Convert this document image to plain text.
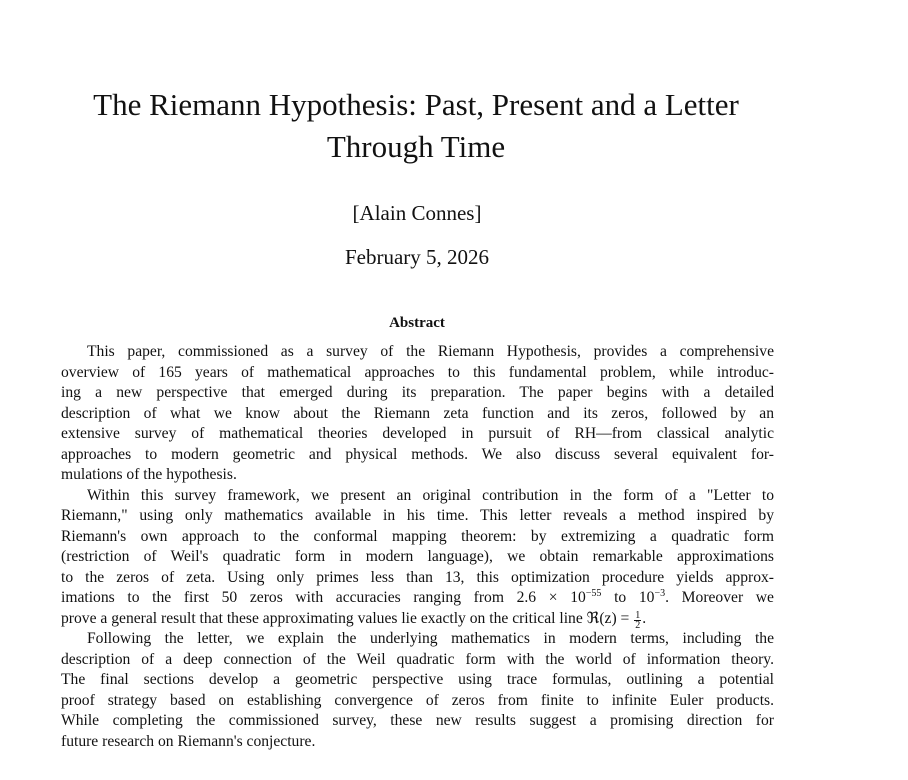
The Riemann Hypothesis: Past, Present and a Letter
Through Time
[Alain Connes]
February 5, 2026
Abstract
This paper, commissioned as a survey of the Riemann Hypothesis, provides a comprehensive
overview of 165 years of mathematical approaches to this fundamental problem, while introduc-
ing a new perspective that emerged during its preparation. The paper begins with a detailed
description of what we know about the Riemann zeta function and its zeros, followed by an
extensive survey of mathematical theories developed in pursuit of RH—from classical analytic
approaches to modern geometric and physical methods. We also discuss several equivalent for-
mulations of the hypothesis.
Within this survey framework, we present an original contribution in the form of a "Letter to
Riemann," using only mathematics available in his time. This letter reveals a method inspired by
Riemann's own approach to the conformal mapping theorem: by extremizing a quadratic form
(restriction of Weil's quadratic form in modern language), we obtain remarkable approximations
to the zeros of zeta. Using only primes less than 13, this optimization procedure yields approx-
imations to the first 50 zeros with accuracies ranging from $2.6 \times 10^{-55}$ to $10^{-3}$. Moreover we
prove a general result that these approximating values lie exactly on the critical line ℜ(z) = $\frac{1}{2}$ .
Following the letter, we explain the underlying mathematics in modern terms, including the
description of a deep connection of the Weil quadratic form with the world of information theory.
The final sections develop a geometric perspective using trace formulas, outlining a potential
proof strategy based on establishing convergence of zeros from finite to infinite Euler products.
While completing the commissioned survey, these new results suggest a promising direction for
future research on Riemann's conjecture.
